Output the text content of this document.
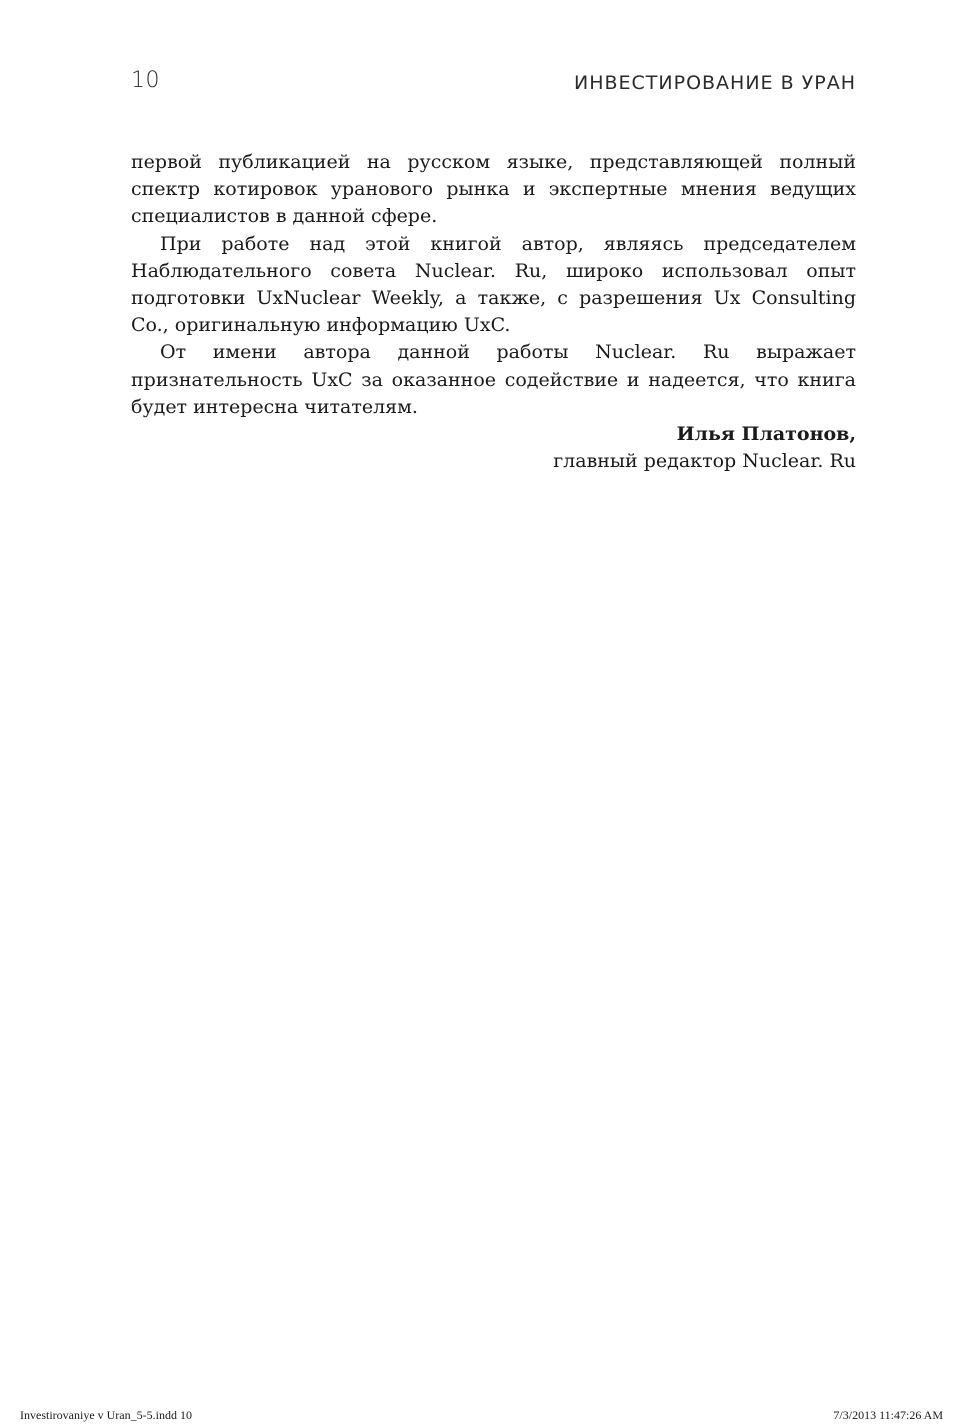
10	ИНВЕСТИРОВАНИЕ В УРАН

первой публикацией на русском языке, представляющей полный спектр котировок уранового рынка и экспертные мнения ведущих специалистов в данной сфере.

При работе над этой книгой автор, являясь председателем Наблюдательного совета Nuclear. Ru, широко использовал опыт подготовки UxNuclear Weekly, а также, с разрешения Ux Consulting Co., оригинальную информацию UxC.

От имени автора данной работы Nuclear. Ru выражает признательность UxC за оказанное содействие и надеется, что книга будет интересна читателям.

Илья Платонов,
главный редактор Nuclear. Ru
Investirovaniye v Uran_5-5.indd 10	7/3/2013 11:47:26 AM
